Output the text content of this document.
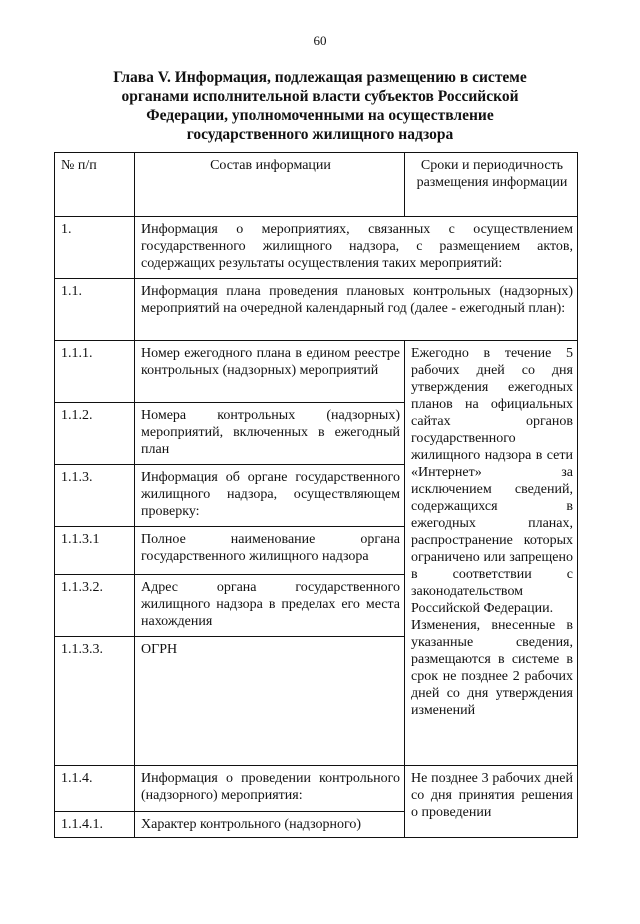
60
Глава V. Информация, подлежащая размещению в системе
органами исполнительной власти субъектов Российской
Федерации, уполномоченными на осуществление
государственного жилищного надзора
№ п/п	Состав информации	Сроки и периодичность размещения информации
1.	Информация о мероприятиях, связанных с осуществлением государственного жилищного надзора, с размещением актов, содержащих результаты осуществления таких мероприятий:	
1.1.	Информация плана проведения плановых контрольных (надзорных) мероприятий на очередной календарный год (далее - ежегодный план):	
1.1.1.	Номер ежегодного плана в едином реестре контрольных (надзорных) мероприятий	Ежегодно в течение 5 рабочих дней со дня утверждения ежегодных планов на официальных сайтах органов государственного жилищного надзора в сети «Интернет» за исключением сведений, содержащихся в ежегодных планах, распространение которых ограничено или запрещено в соответствии с законодательством Российской Федерации.

Изменения, внесенные в указанные сведения, размещаются в системе в срок не позднее 2 рабочих дней со дня утверждения изменений

1.1.2.	Номера контрольных (надзорных) мероприятий, включенных в ежегодный план	
1.1.3.	Информация об органе государственного жилищного надзора, осуществляющем проверку:	
1.1.3.1	Полное наименование органа государственного жилищного надзора	
1.1.3.2.	Адрес органа государственного жилищного надзора в пределах его места нахождения	
1.1.3.3.	ОГРН	
1.1.4.	Информация о проведении контрольного (надзорного) мероприятия:	Не позднее 3 рабочих дней со дня принятия решения о проведении
1.1.4.1.	Характер контрольного (надзорного)	
